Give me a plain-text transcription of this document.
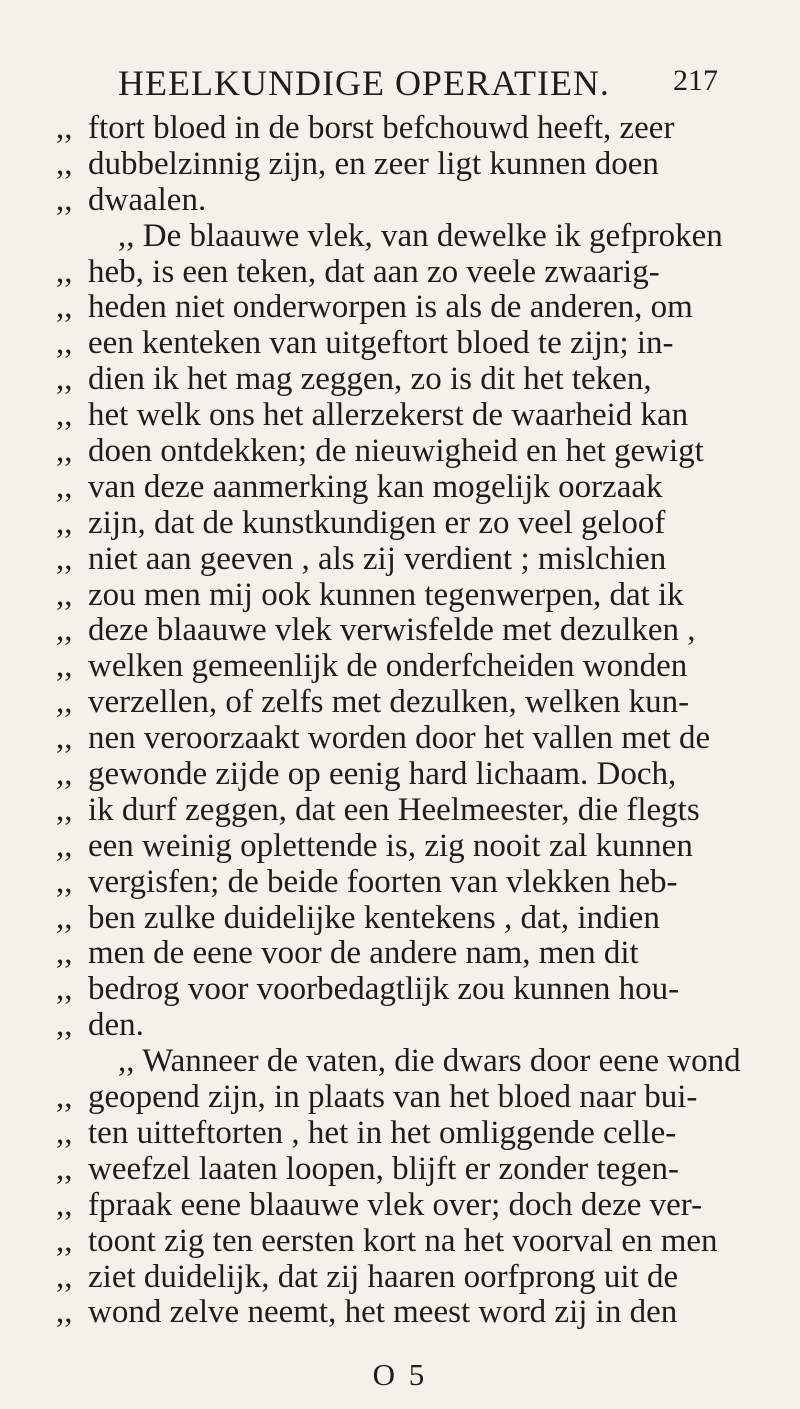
HEELKUNDIGE OPERATIEN. 217
,, ftort bloed in de borst befchouwd heeft, zeer
,, dubbelzinnig zijn, en zeer ligt kunnen doen
,, dwaalen.
,, De blaauwe vlek, van dewelke ik gefproken
,, heb, is een teken, dat aan zo veele zwaarig-
,, heden niet onderworpen is als de anderen, om
,, een kenteken van uitgeftort bloed te zijn; in-
,, dien ik het mag zeggen, zo is dit het teken,
,, het welk ons het allerzekerst de waarheid kan
,, doen ontdekken; de nieuwigheid en het gewigt
,, van deze aanmerking kan mogelijk oorzaak
,, zijn, dat de kunstkundigen er zo veel geloof
,, niet aan geeven , als zij verdient ; mislchien
,, zou men mij ook kunnen tegenwerpen, dat ik
,, deze blaauwe vlek verwisfelde met dezulken ,
,, welken gemeenlijk de onderfcheiden wonden
,, verzellen, of zelfs met dezulken, welken kun-
,, nen veroorzaakt worden door het vallen met de
,, gewonde zijde op eenig hard lichaam. Doch,
,, ik durf zeggen, dat een Heelmeester, die flegts
,, een weinig oplettende is, zig nooit zal kunnen
,, vergisfen; de beide foorten van vlekken heb-
,, ben zulke duidelijke kentekens , dat, indien
,, men de eene voor de andere nam, men dit
,, bedrog voor voorbedagtlijk zou kunnen hou-
,, den.
,, Wanneer de vaten, die dwars door eene wond
,, geopend zijn, in plaats van het bloed naar bui-
,, ten uitteftorten , het in het omliggende celle-
,, weefzel laaten loopen, blijft er zonder tegen-
,, fpraak eene blaauwe vlek over; doch deze ver-
,, toont zig ten eersten kort na het voorval en men
,, ziet duidelijk, dat zij haaren oorfprong uit de
,, wond zelve neemt, het meest word zij in den
O 5
